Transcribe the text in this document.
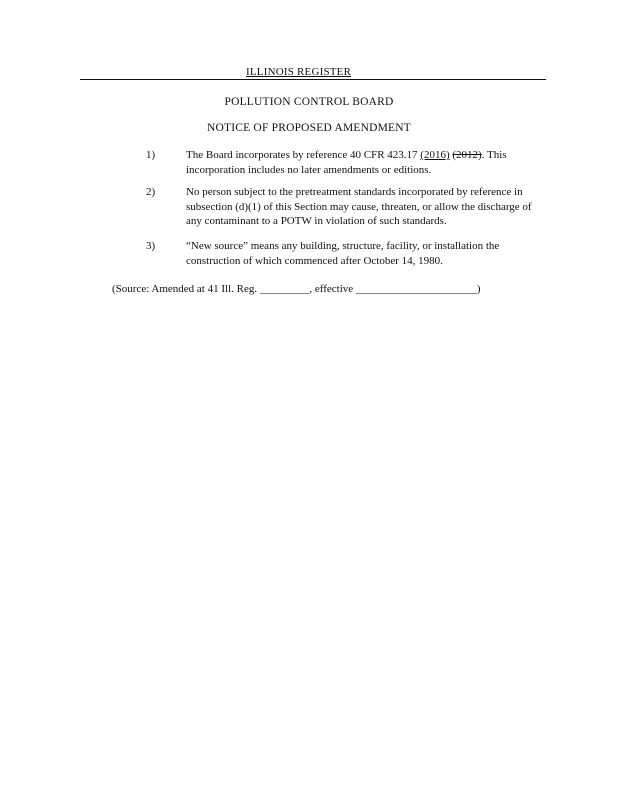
ILLINOIS REGISTER
POLLUTION CONTROL BOARD
NOTICE OF PROPOSED AMENDMENT
1)	The Board incorporates by reference 40 CFR 423.17 (2016) (2012). This incorporation includes no later amendments or editions.
2)	No person subject to the pretreatment standards incorporated by reference in subsection (d)(1) of this Section may cause, threaten, or allow the discharge of any contaminant to a POTW in violation of such standards.
3)	“New source” means any building, structure, facility, or installation the construction of which commenced after October 14, 1980.
(Source: Amended at 41 Ill. Reg. _________, effective ______________________)
